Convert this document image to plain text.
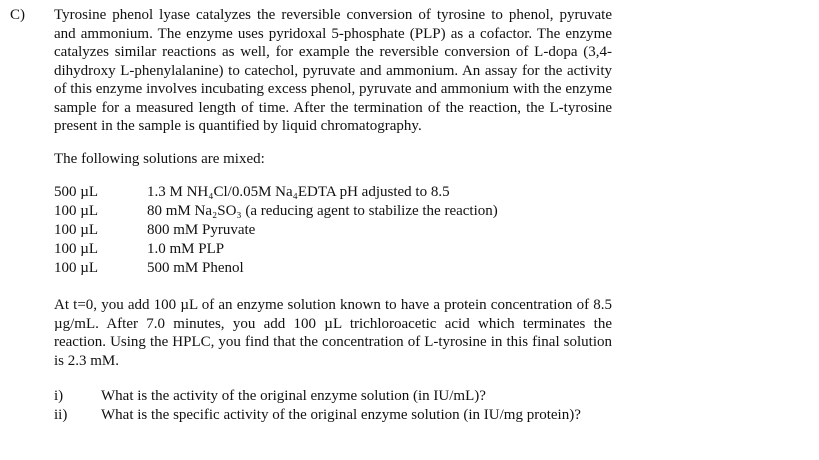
C) Tyrosine phenol lyase catalyzes the reversible conversion of tyrosine to phenol, pyruvate and ammonium. The enzyme uses pyridoxal 5-phosphate (PLP) as a cofactor. The enzyme catalyzes similar reactions as well, for example the reversible conversion of L-dopa (3,4-dihydroxy L-phenylalanine) to catechol, pyruvate and ammonium. An assay for the activity of this enzyme involves incubating excess phenol, pyruvate and ammonium with the enzyme sample for a measured length of time. After the termination of the reaction, the L-tyrosine present in the sample is quantified by liquid chromatography.

The following solutions are mixed:

500 µL	1.3 M NH₄Cl/0.05M Na₄EDTA pH adjusted to 8.5
100 µL	80 mM Na₂SO₃ (a reducing agent to stabilize the reaction)
100 µL	800 mM Pyruvate
100 µL	1.0 mM PLP
100 µL	500 mM Phenol

At t=0, you add 100 µL of an enzyme solution known to have a protein concentration of 8.5 µg/mL. After 7.0 minutes, you add 100 µL trichloroacetic acid which terminates the reaction. Using the HPLC, you find that the concentration of L-tyrosine in this final solution is 2.3 mM.

i)	What is the activity of the original enzyme solution (in IU/mL)?
ii)	What is the specific activity of the original enzyme solution (in IU/mg protein)?
